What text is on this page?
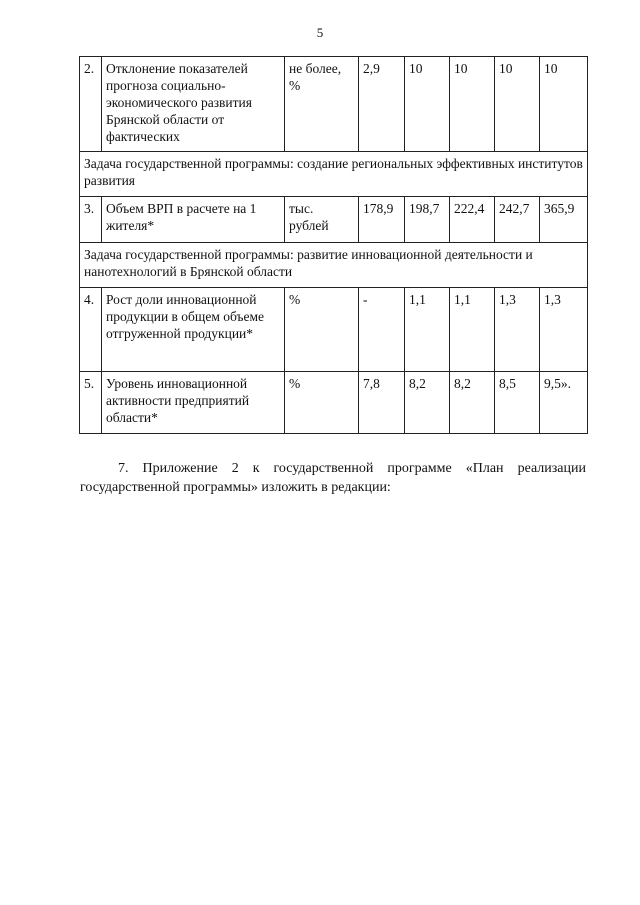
5
2.	Отклонение показателей прогноза социально-экономического развития Брянской области от фактических	не более, %	2,9	10	10	10	10
Задача государственной программы: создание региональных эффективных институтов развития							
3.	Объем ВРП в расчете на 1 жителя*	тыс. рублей	178,9	198,7	222,4	242,7	365,9
Задача государственной программы: развитие инновационной деятельности и нанотехнологий в Брянской области							
4.	Рост доли инновационной продукции в общем объеме отгруженной продукции*	%	-	1,1	1,1	1,3	1,3
5.	Уровень инновационной активности предприятий области*	%	7,8	8,2	8,2	8,5	9,5».
7. Приложение 2 к государственной программе «План реализации государственной программы» изложить в редакции:
